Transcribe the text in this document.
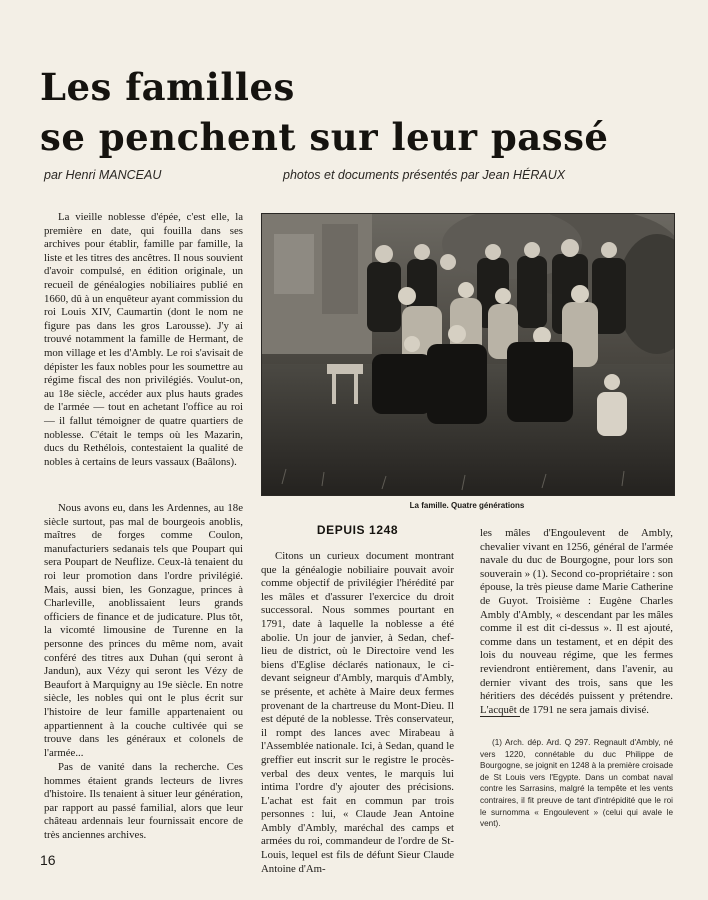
Les familles
se penchent sur leur passé
par Henri MANCEAU	photos et documents présentés par Jean HÉRAUX

La vieille noblesse d'épée, c'est elle, la première en date, qui fouilla dans ses archives pour établir, famille par famille, la liste et les titres des ancêtres. Il nous souvient d'avoir compulsé, en édition originale, un recueil de généalogies nobiliaires publié en 1660, dû à un enquêteur ayant commission du roi Louis XIV, Caumartin (dont le nom ne figure pas dans les gros Larousse). J'y ai trouvé notamment la famille de Hermant, de mon village et les d'Ambly. Le roi s'avisait de dépister les faux nobles pour les soumettre au régime fiscal des non privilégiés. Voulut-on, au 18e siècle, accéder aux plus hauts grades de l'armée — tout en achetant l'office au roi — il fallut témoigner de quatre quartiers de noblesse. C'était le temps où les Mazarin, ducs du Rethélois, contestaient la qualité de nobles à certains de leurs vassaux (Baâlons).

Nous avons eu, dans les Ardennes, au 18e siècle surtout, pas mal de bourgeois anoblis, maîtres de forges comme Coulon, manufacturiers sedanais tels que Poupart qui sera Poupart de Neuflize. Ceux-là tenaient du roi leur promotion dans l'ordre privilégié. Mais, aussi bien, les Gonzague, princes à Charleville, anoblissaient leurs grands officiers de finance et de judicature. Plus tôt, la vicomté limousine de Turenne en la personne des princes du même nom, avait conféré des titres aux Duhan (qui seront à Jandun), aux Vézy qui seront les Vézy de Beaufort à Marquigny au 19e siècle. En notre siècle, les nobles qui ont le plus écrit sur l'histoire de leur famille appartenaient ou appartiennent à la couche cultivée qui se trouve dans les généraux et colonels de l'armée...

Pas de vanité dans la recherche. Ces hommes étaient grands lecteurs de livres d'histoire. Ils tenaient à situer leur génération, par rapport au passé familial, alors que leur château ardennais leur fournissait encore de très anciennes archives.

La famille. Quatre générations
DEPUIS 1248

Citons un curieux document montrant que la généalogie nobiliaire pouvait avoir comme objectif de privilégier l'hérédité par les mâles et d'assurer l'exercice du droit successoral. Nous sommes pourtant en 1791, date à laquelle la noblesse a été abolie. Un jour de janvier, à Sedan, chef-lieu de district, où le Directoire vend les biens d'Eglise déclarés nationaux, le ci-devant seigneur d'Ambly, marquis d'Ambly, se présente, et achète à Maire deux fermes provenant de la chartreuse du Mont-Dieu. Il est député de la noblesse. Très conservateur, il rompt des lances avec Mirabeau à l'Assemblée nationale. Ici, à Sedan, quand le greffier eut inscrit sur le registre le procès-verbal des deux ventes, le marquis lui intima l'ordre d'y ajouter des précisions. L'achat est fait en commun par trois personnes : lui, « Claude Jean Antoine Ambly d'Ambly, maréchal des camps et armées du roi, commandeur de l'ordre de St-Louis, lequel est fils de défunt Sieur Claude Antoine d'Am-

les mâles d'Engoulevent de Ambly, chevalier vivant en 1256, général de l'armée navale du duc de Bourgogne, pour lors son souverain » (1). Second co-propriétaire : son épouse, la très pieuse dame Marie Catherine de Guyot. Troisième : Eugène Charles Ambly d'Ambly, « descendant par les mâles comme il est dit ci-dessus ». Il est ajouté, comme dans un testament, et en dépit des lois du nouveau régime, que les fermes reviendront entièrement, dans l'avenir, au dernier vivant des trois, sans que les héritiers des décédés puissent y prétendre. L'acquêt de 1791 ne sera jamais divisé.

(1) Arch. dép. Ard. Q 297. Regnault d'Ambly, né vers 1220, connétable du duc Philippe de Bourgogne, se joignit en 1248 à la première croisade de St Louis vers l'Egypte. Dans un combat naval contre les Sarrasins, malgré la tempête et les vents contraires, il fit preuve de tant d'intrépidité que le roi le surnomma « Engoulevent » (celui qui avale le vent).

16
